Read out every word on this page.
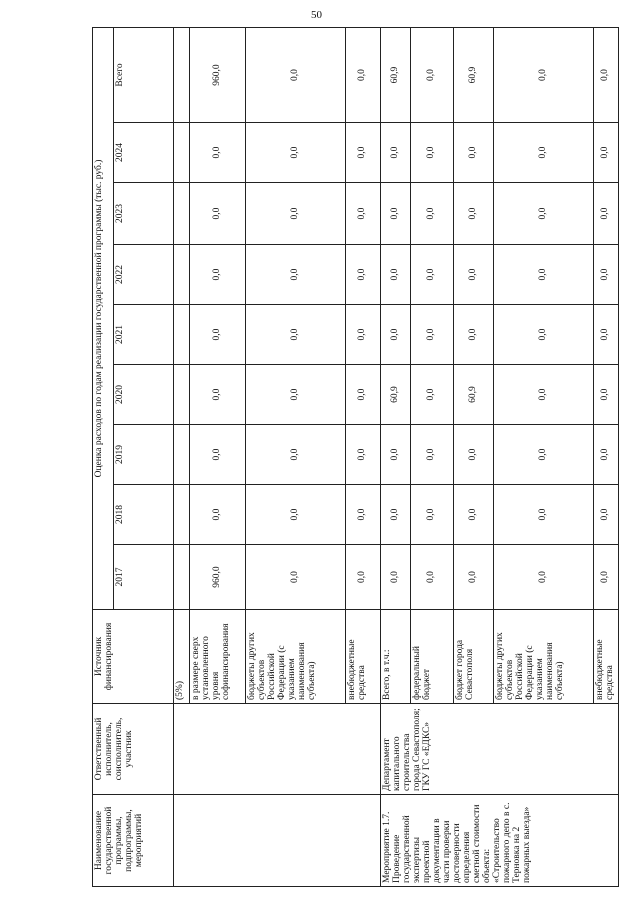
50
Наименование государственной программы, подпрограммы, мероприятий	Ответственный исполнитель, соисполнитель, участник	Источник финансирования	Оценка расходов по годам реализации государственной программы (тыс. руб.)								
			2017	2018	2019	2020	2021	2022	2023	2024	Всего
		(5%)									
		в размере сверх установленного уровня софинансирования	960,0	0,0	0,0	0,0	0,0	0,0	0,0	0,0	960,0
		бюджеты других субъектов Российской Федерации (с указанием наименования субъекта)	0,0	0,0	0,0	0,0	0,0	0,0	0,0	0,0	0,0
		внебюджетные средства	0,0	0,0	0,0	0,0	0,0	0,0	0,0	0,0	0,0
Мероприятие 1.7. Проведение государственной экспертизы проектной документации в части проверки достоверности определения сметной стоимости объекта: «Строительство пожарного депо в с. Терновка на 2 пожарных выезда»	Департамент капитального строительства города Севастополя; ГКУ ГС «ЕДКС»	Всего, в т.ч.:	0,0	0,0	0,0	60,9	0,0	0,0	0,0	0,0	60,9
		федеральный бюджет	0,0	0,0	0,0	0,0	0,0	0,0	0,0	0,0	0,0
		бюджет города Севастополя	0,0	0,0	0,0	60,9	0,0	0,0	0,0	0,0	60,9
		бюджеты других субъектов Российской Федерации (с указанием наименования субъекта)	0,0	0,0	0,0	0,0	0,0	0,0	0,0	0,0	0,0
		внебюджетные средства	0,0	0,0	0,0	0,0	0,0	0,0	0,0	0,0	0,0
